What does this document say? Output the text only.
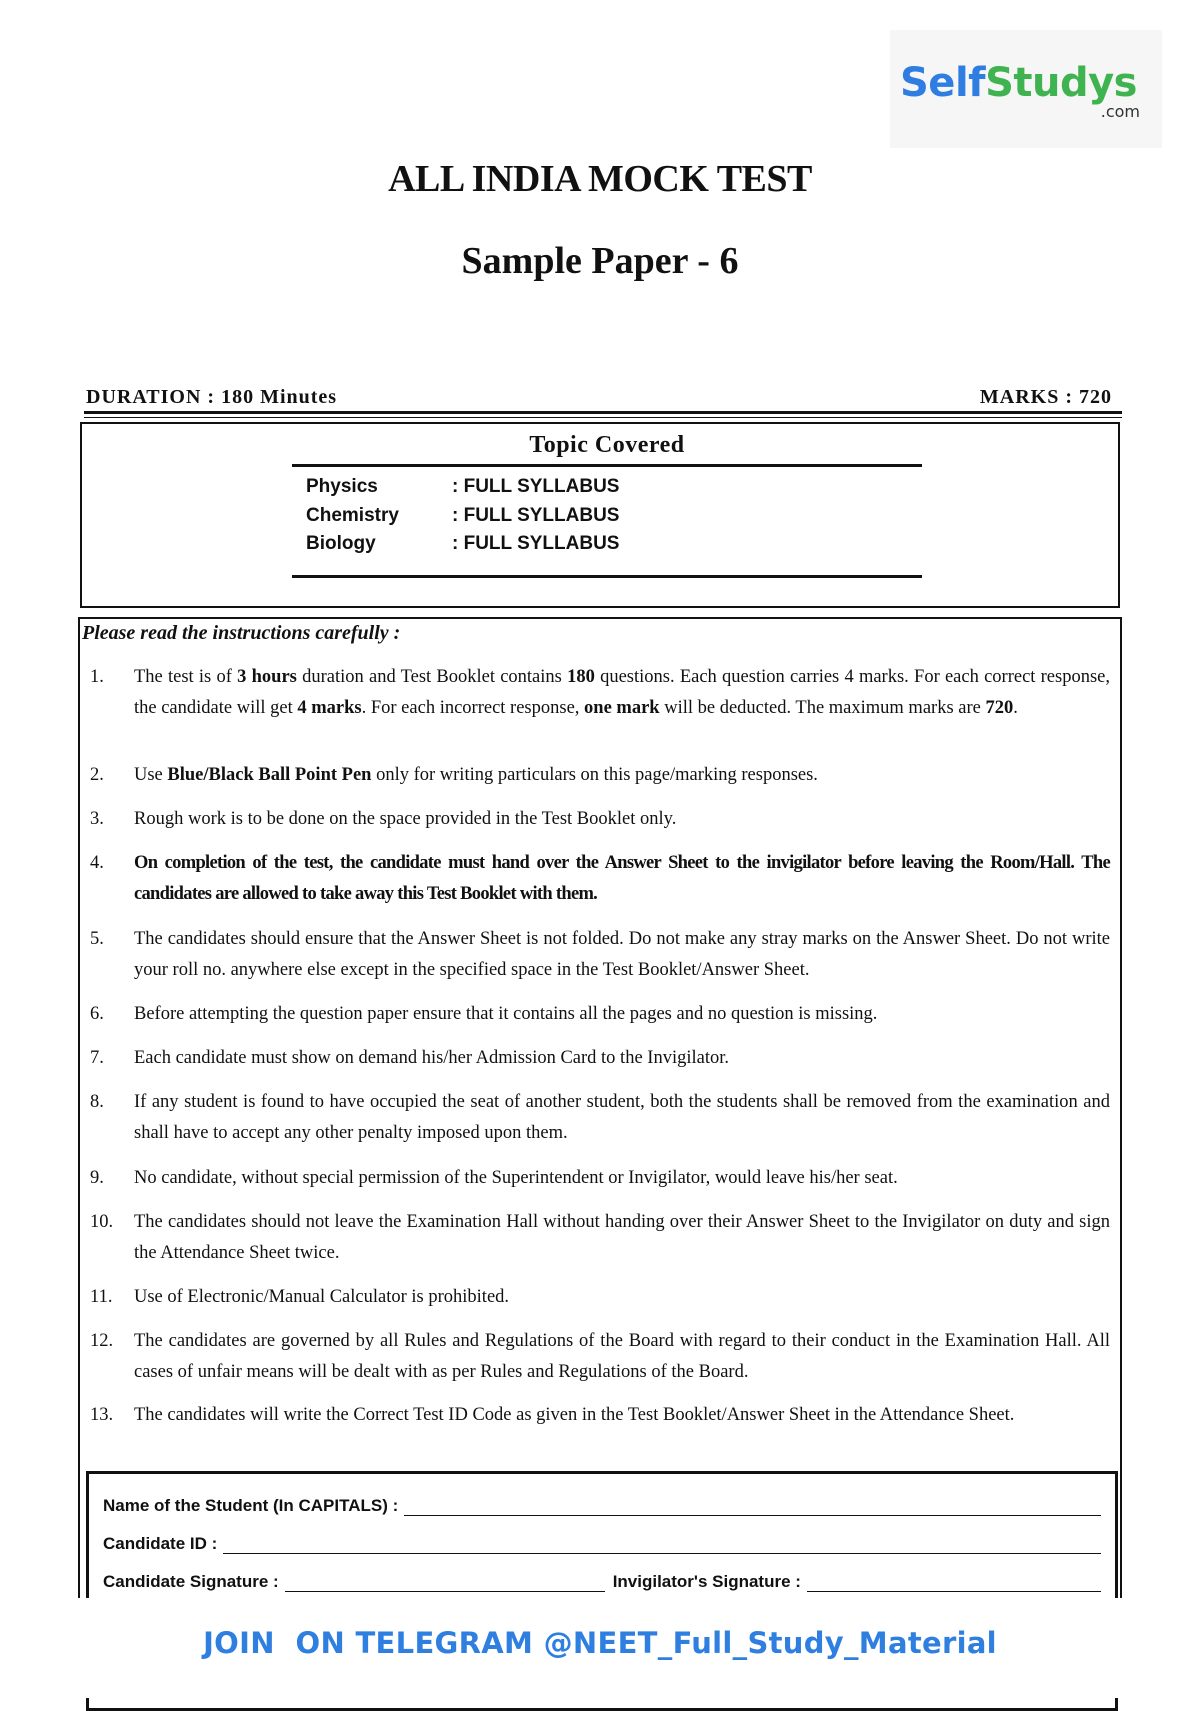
SelfStudys
.com
ALL INDIA MOCK TEST
Sample Paper - 6
DURATION : 180 Minutes	MARKS : 720
Topic Covered
Physics	: FULL SYLLABUS
Chemistry	: FULL SYLLABUS
Biology	: FULL SYLLABUS
Please read the instructions carefully :
1.	The test is of 3 hours duration and Test Booklet contains 180 questions. Each question carries 4 marks. For each correct response, the candidate will get 4 marks. For each incorrect response, one mark will be deducted. The maximum marks are 720.
2.	Use Blue/Black Ball Point Pen only for writing particulars on this page/marking responses.
3.	Rough work is to be done on the space provided in the Test Booklet only.
4.	On completion of the test, the candidate must hand over the Answer Sheet to the invigilator before leaving the Room/Hall. The candidates are allowed to take away this Test Booklet with them.
5.	The candidates should ensure that the Answer Sheet is not folded. Do not make any stray marks on the Answer Sheet. Do not write your roll no. anywhere else except in the specified space in the Test Booklet/Answer Sheet.
6.	Before attempting the question paper ensure that it contains all the pages and no question is missing.
7.	Each candidate must show on demand his/her Admission Card to the Invigilator.
8.	If any student is found to have occupied the seat of another student, both the students shall be removed from the examination and shall have to accept any other penalty imposed upon them.
9.	No candidate, without special permission of the Superintendent or Invigilator, would leave his/her seat.
10.	The candidates should not leave the Examination Hall without handing over their Answer Sheet to the Invigilator on duty and sign the Attendance Sheet twice.
11.	Use of Electronic/Manual Calculator is prohibited.
12.	The candidates are governed by all Rules and Regulations of the Board with regard to their conduct in the Examination Hall. All cases of unfair means will be dealt with as per Rules and Regulations of the Board.
13.	The candidates will write the Correct Test ID Code as given in the Test Booklet/Answer Sheet in the Attendance Sheet.
Name of the Student (In CAPITALS) :
Candidate ID :
Candidate Signature :	Invigilator's Signature :
JOIN  ON TELEGRAM @NEET_Full_Study_Material
